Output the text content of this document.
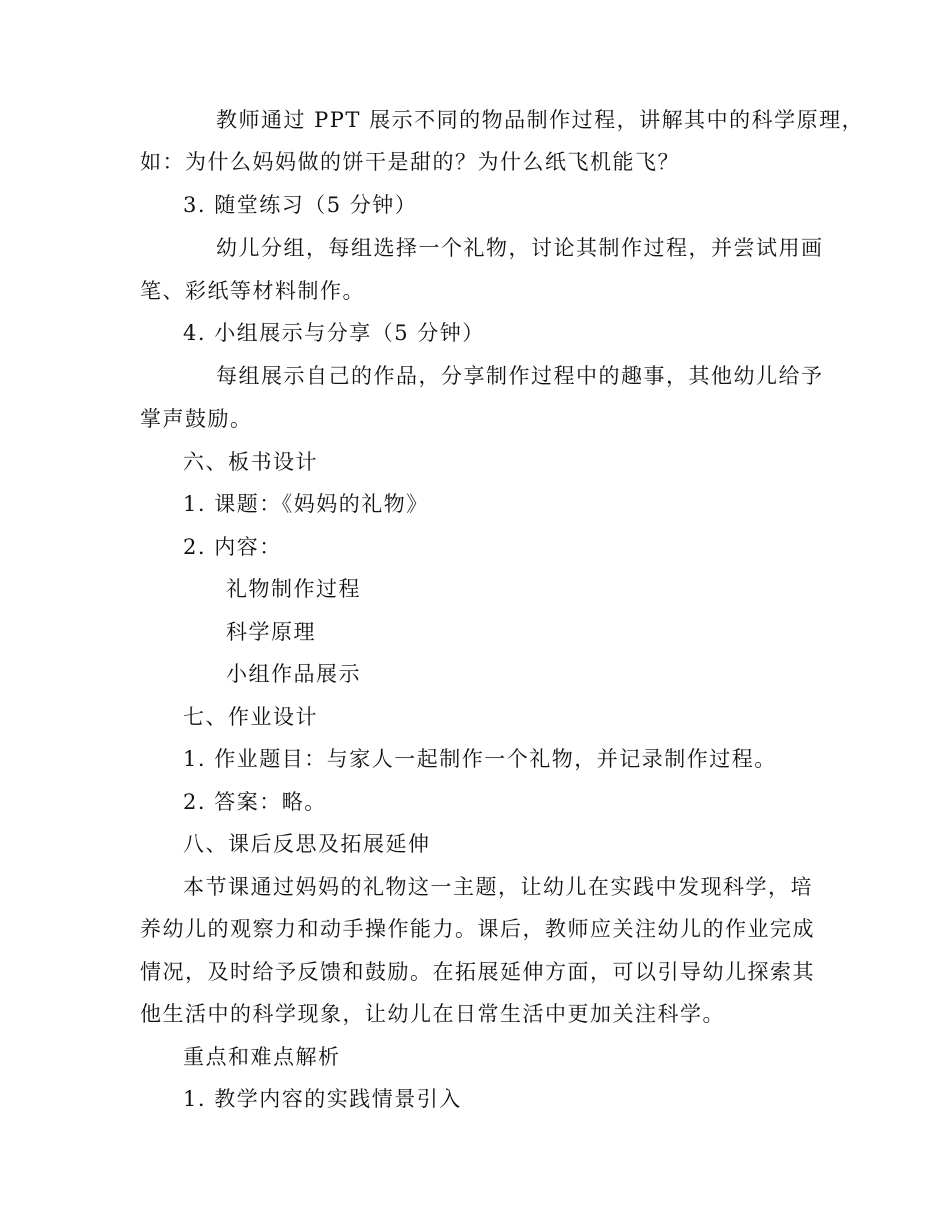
教师通过 PPT 展示不同的物品制作过程，讲解其中的科学原理，
如：为什么妈妈做的饼干是甜的？为什么纸飞机能飞？
3. 随堂练习（5 分钟）
幼儿分组，每组选择一个礼物，讨论其制作过程，并尝试用画
笔、彩纸等材料制作。
4. 小组展示与分享（5 分钟）
每组展示自己的作品，分享制作过程中的趣事，其他幼儿给予
掌声鼓励。
六、板书设计
1. 课题：《妈妈的礼物》
2. 内容：
礼物制作过程
科学原理
小组作品展示
七、作业设计
1. 作业题目：与家人一起制作一个礼物，并记录制作过程。
2. 答案：略。
八、课后反思及拓展延伸
本节课通过妈妈的礼物这一主题，让幼儿在实践中发现科学，培
养幼儿的观察力和动手操作能力。课后，教师应关注幼儿的作业完成
情况，及时给予反馈和鼓励。在拓展延伸方面，可以引导幼儿探索其
他生活中的科学现象，让幼儿在日常生活中更加关注科学。
重点和难点解析
1. 教学内容的实践情景引入
